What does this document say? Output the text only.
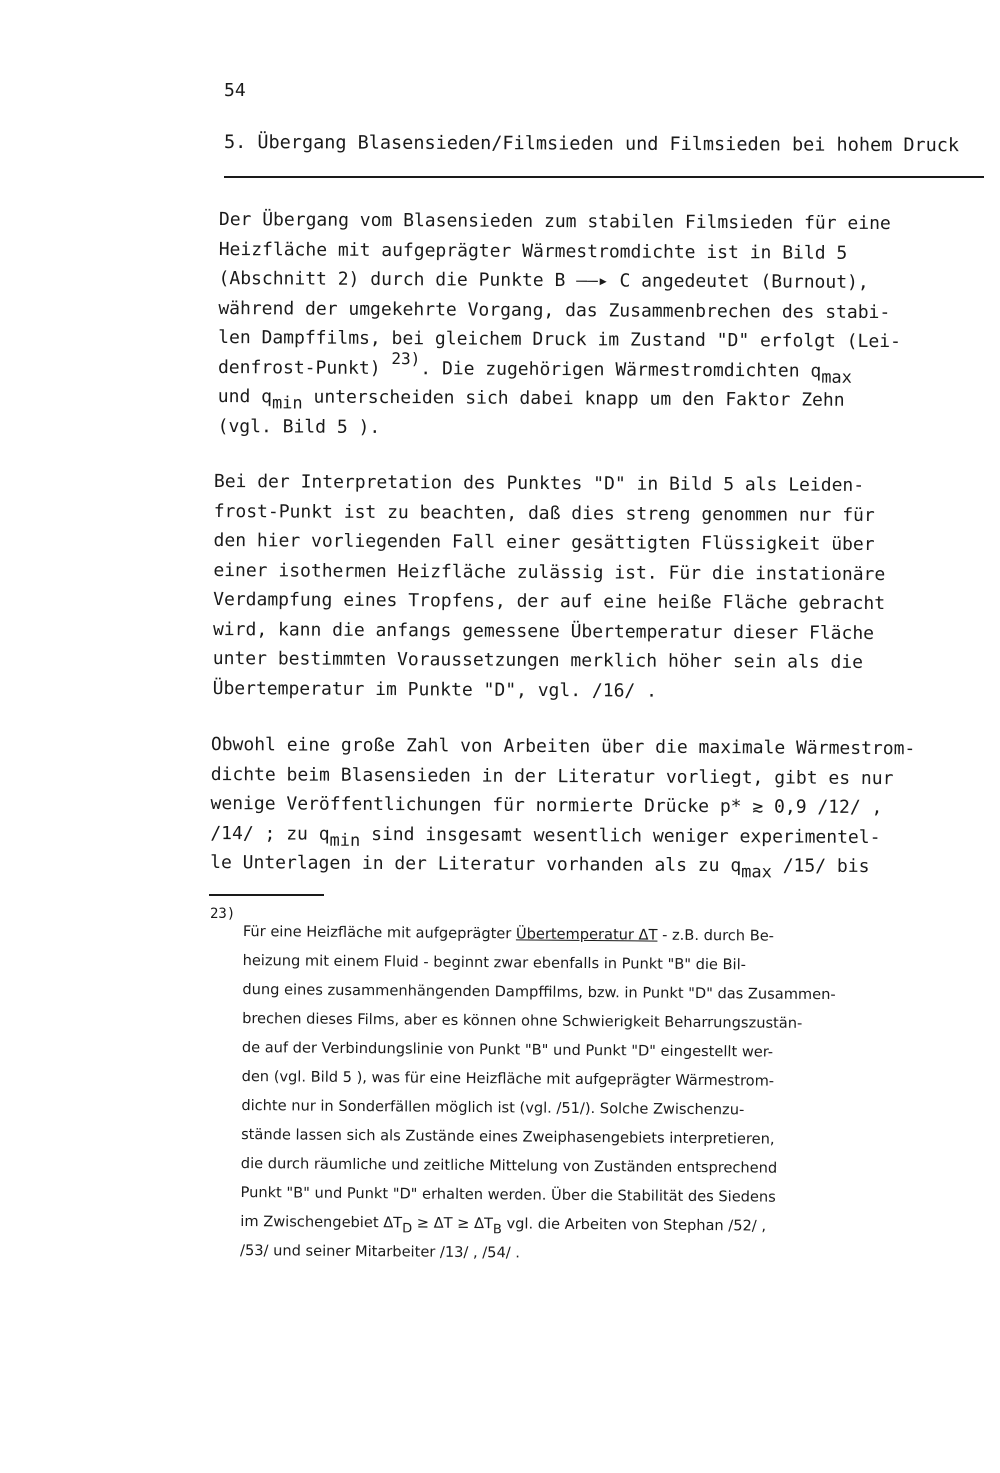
54
5. Übergang Blasensieden/Filmsieden und Filmsieden bei hohem Druck
Der Übergang vom Blasensieden zum stabilen Filmsieden für eine
Heizfläche mit aufgeprägter Wärmestromdichte ist in Bild 5
(Abschnitt 2) durch die Punkte B ——▸ C angedeutet (Burnout),
während der umgekehrte Vorgang, das Zusammenbrechen des stabi-
len Dampffilms, bei gleichem Druck im Zustand "D" erfolgt (Lei-
denfrost-Punkt) $^{23)}$. Die zugehörigen Wärmestromdichten $q_{max}$
und $q_{min}$ unterscheiden sich dabei knapp um den Faktor Zehn
(vgl. Bild 5 ).
Bei der Interpretation des Punktes "D" in Bild 5 als Leiden-
frost-Punkt ist zu beachten, daß dies streng genommen nur für
den hier vorliegenden Fall einer gesättigten Flüssigkeit über
einer isothermen Heizfläche zulässig ist. Für die instationäre
Verdampfung eines Tropfens, der auf eine heiße Fläche gebracht
wird, kann die anfangs gemessene Übertemperatur dieser Fläche
unter bestimmten Voraussetzungen merklich höher sein als die
Übertemperatur im Punkte "D", vgl. /16/ .
Obwohl eine große Zahl von Arbeiten über die maximale Wärmestrom-
dichte beim Blasensieden in der Literatur vorliegt, gibt es nur
wenige Veröffentlichungen für normierte Drücke p* ≳ 0,9 /12/ ,
/14/ ; zu $q_{min}$ sind insgesamt wesentlich weniger experimentel-
le Unterlagen in der Literatur vorhanden als zu $q_{max}$ /15/ bis
23)
Für eine Heizfläche mit aufgeprägter Übertemperatur ΔT - z.B. durch Be-
heizung mit einem Fluid - beginnt zwar ebenfalls in Punkt "B" die Bil-
dung eines zusammenhängenden Dampffilms, bzw. in Punkt "D" das Zusammen-
brechen dieses Films, aber es können ohne Schwierigkeit Beharrungszustän-
de auf der Verbindungslinie von Punkt "B" und Punkt "D" eingestellt wer-
den (vgl. Bild 5 ), was für eine Heizfläche mit aufgeprägter Wärmestrom-
dichte nur in Sonderfällen möglich ist (vgl. /51/). Solche Zwischenzu-
stände lassen sich als Zustände eines Zweiphasengebiets interpretieren,
die durch räumliche und zeitliche Mittelung von Zuständen entsprechend
Punkt "B" und Punkt "D" erhalten werden. Über die Stabilität des Siedens
im Zwischengebiet $\Delta T_D \ge \Delta T \ge \Delta T_B$ vgl. die Arbeiten von Stephan /52/ ,
/53/ und seiner Mitarbeiter /13/ , /54/ .
